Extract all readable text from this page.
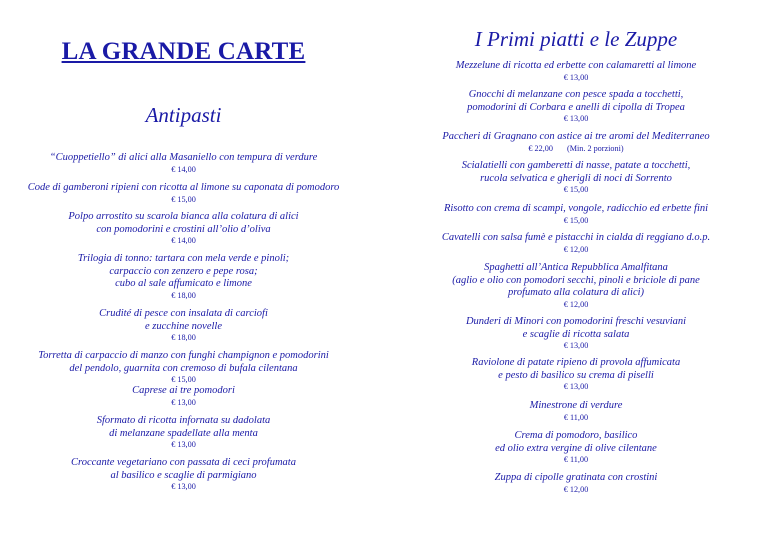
LA GRANDE CARTE
Antipasti
“Cuoppetiello” di alici alla Masaniello con tempura di verdure
€ 14,00
Code di gamberoni ripieni con ricotta al limone su caponata di pomodoro
€ 15,00
Polpo arrostito su scarola bianca alla colatura di alici
con pomodorini e crostini all’olio d’oliva
€ 14,00
Trilogia di tonno: tartara con mela verde e pinoli;
carpaccio con zenzero e pepe rosa;
cubo al sale affumicato e limone
€ 18,00
Crudité di pesce con insalata di carciofi
e zucchine novelle
€ 18,00
Torretta di carpaccio di manzo con funghi champignon e pomodorini
del pendolo, guarnita con cremoso di bufala cilentana
€ 15,00
Caprese ai tre pomodori
€ 13,00
Sformato di ricotta infornata su dadolata
di melanzane spadellate alla menta
€ 13,00
Croccante vegetariano con passata di ceci profumata
al basilico e scaglie di parmigiano
€ 13,00
I Primi piatti e le Zuppe
Mezzelune di ricotta ed erbette con calamaretti al limone
€ 13,00
Gnocchi di melanzane con pesce spada a tocchetti,
pomodorini di Corbara e anelli di cipolla di Tropea
€ 13,00
Paccheri di Gragnano con astice ai tre aromi del Mediterraneo
€ 22,00 (Min. 2 porzioni)
Scialatielli con gamberetti di nasse, patate a tocchetti,
rucola selvatica e gherigli di noci di Sorrento
€ 15,00
Risotto con crema di scampi, vongole, radicchio ed erbette fini
€ 15,00
Cavatelli con salsa fumè e pistacchi in cialda di reggiano d.o.p.
€ 12,00
Spaghetti all’Antica Repubblica Amalfitana
(aglio e olio con pomodori secchi, pinoli e briciole di pane
profumato alla colatura di alici)
€ 12,00
Dunderi di Minori con pomodorini freschi vesuviani
e scaglie di ricotta salata
€ 13,00
Raviolone di patate ripieno di provola affumicata
e pesto di basilico su crema di piselli
€ 13,00
Minestrone di verdure
€ 11,00
Crema di pomodoro, basilico
ed olio extra vergine di olive cilentane
€ 11,00
Zuppa di cipolle gratinata con crostini
€ 12,00
